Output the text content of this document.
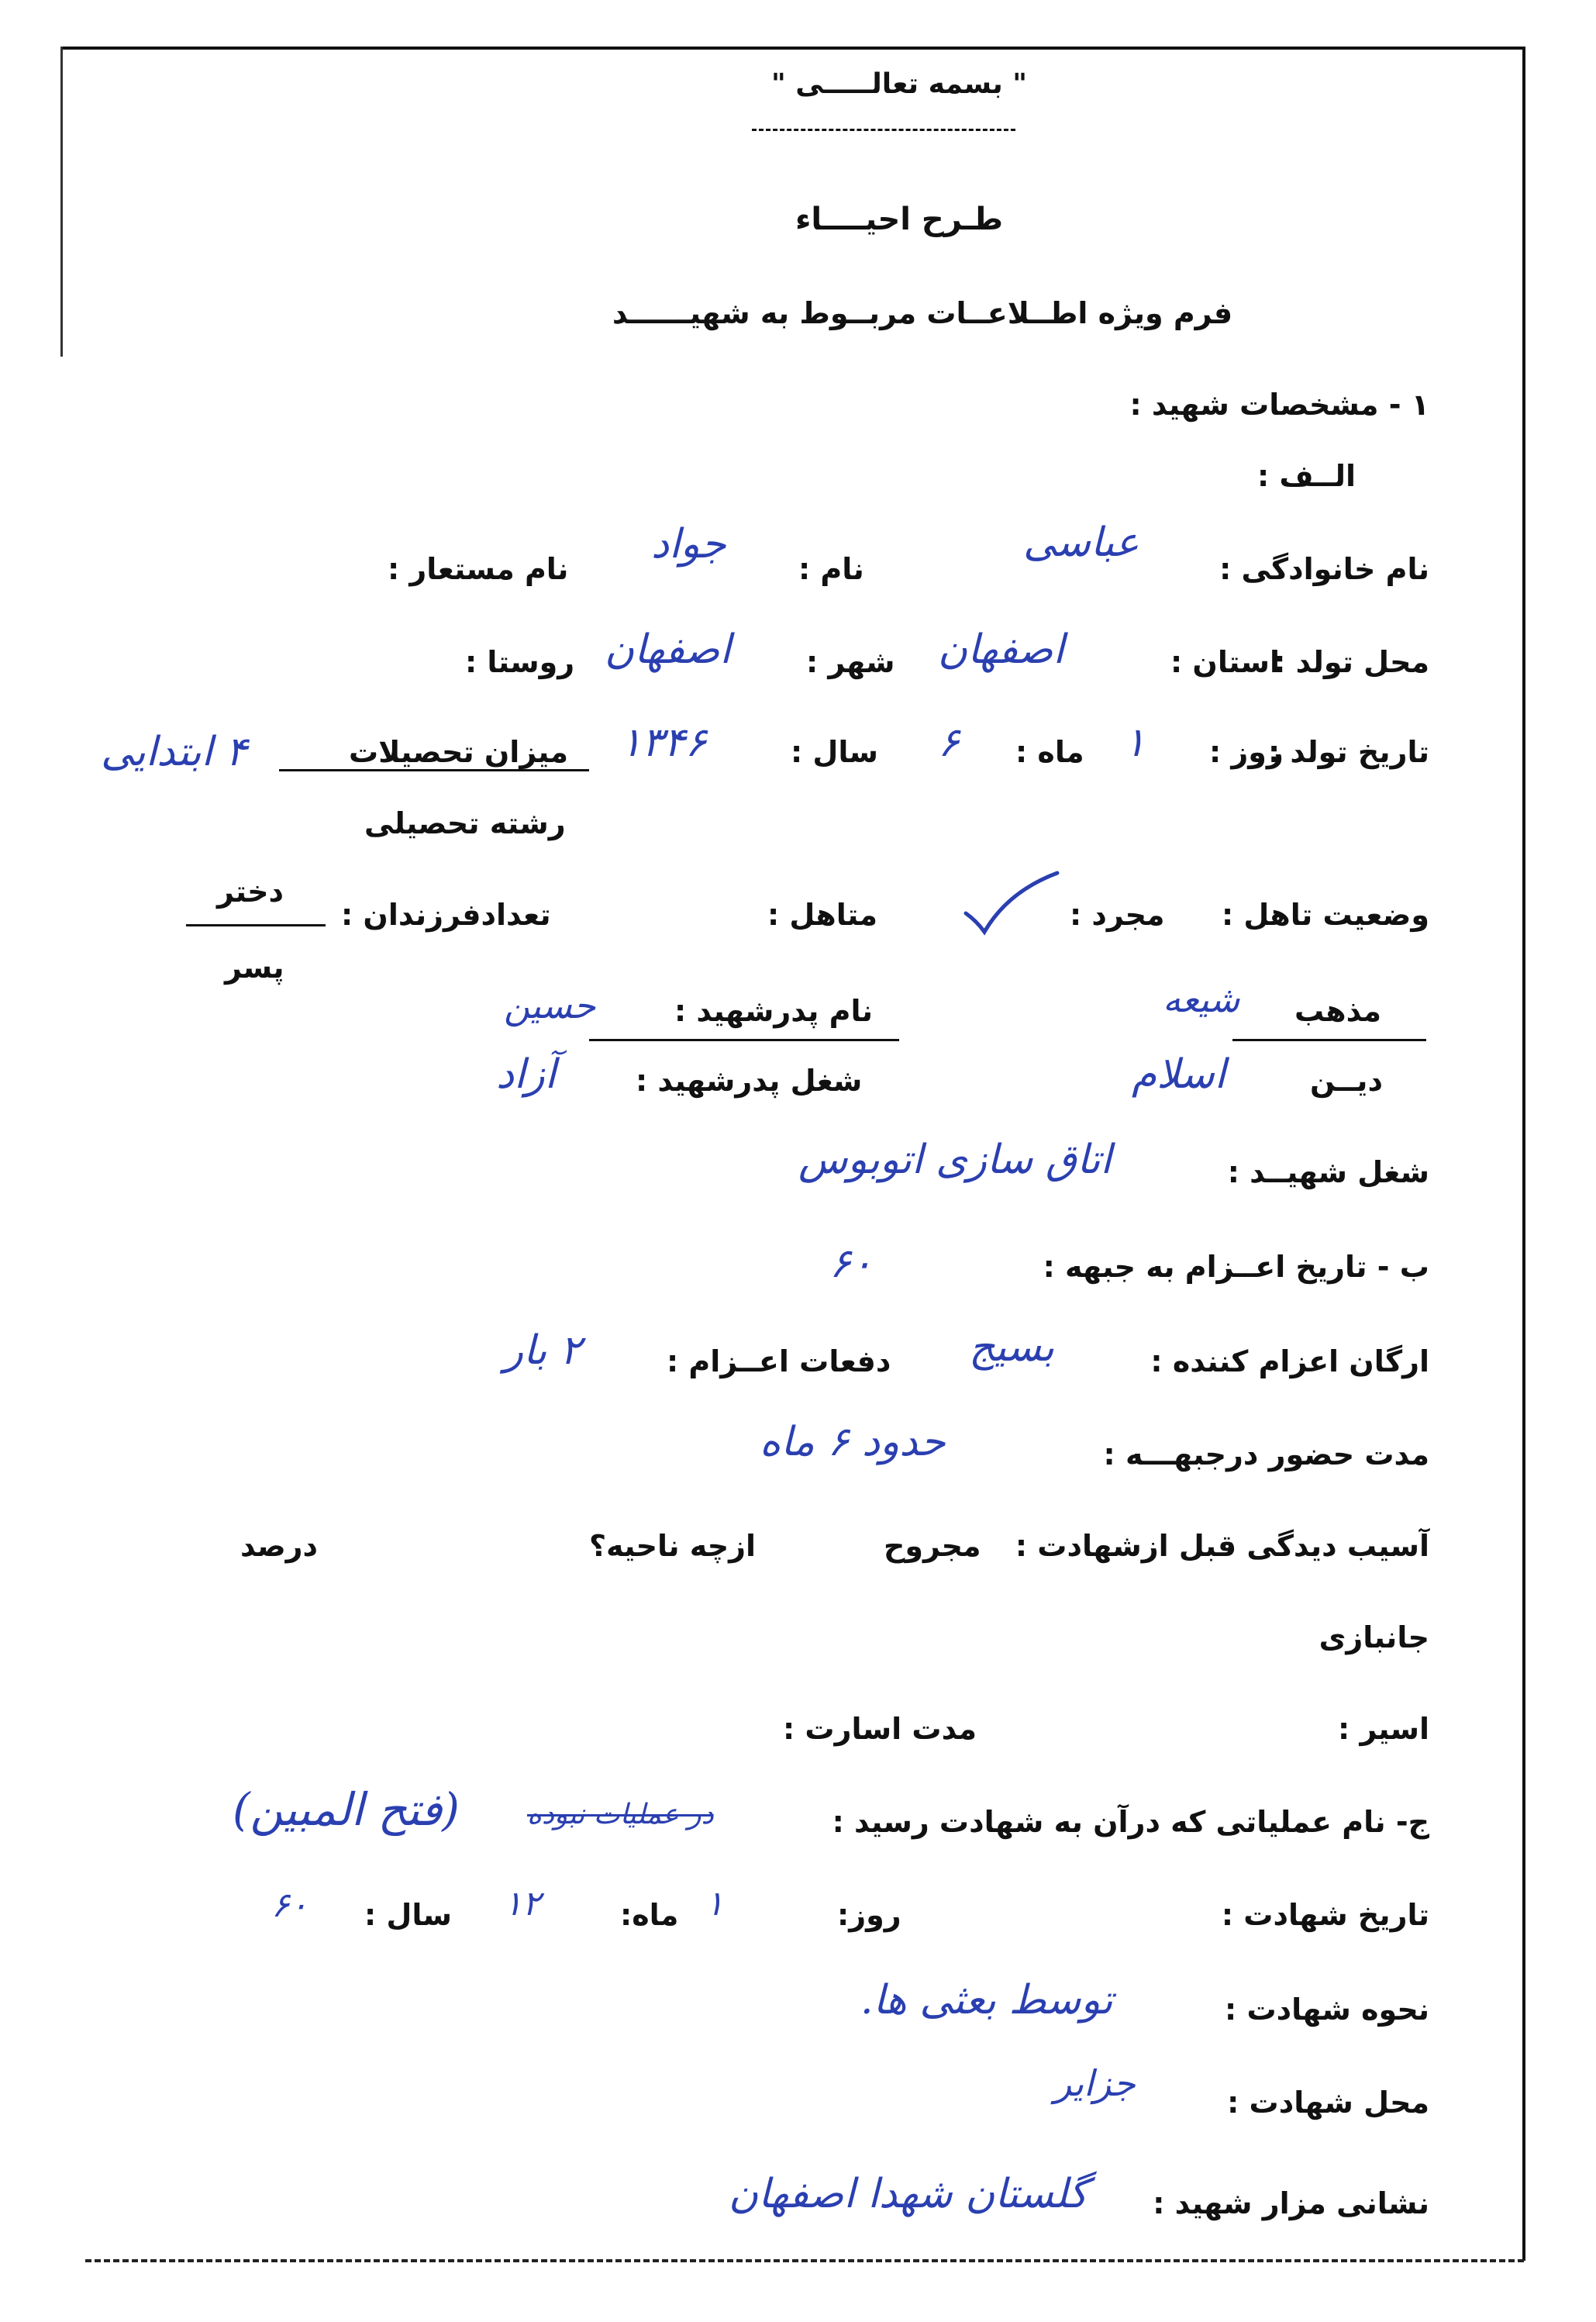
" بسمه تعالـــــى "
طـرح احيــــاء
فرم ويژه اطــلاعــات مربــوط به شهيــــــد
۱ - مشخصات شهيد :
الــف :
نام خانوادگى :
عباسی
نام :
جواد
نام مستعار :
محل تولد :
استان :
اصفهان
شهر :
اصفهان
روستا :
تاريخ تولد :
روز :
۱
ماه :
۶
سال :
۱۳۴۶
ميزان تحصيلات
۴ ابتدایی
رشته تحصيلى
وضعيت تاهل :
مجرد :
متاهل :
تعدادفرزندان :
دختر
پسر
مذهب
شیعه
نام پدرشهيد :
حسین
ديــن
اسلام
شغل پدرشهيد :
آزاد
شغل شهيــد :
اتاق سازی اتوبوس
ب - تاريخ اعــزام به جبهه :
۶۰
ارگان اعزام كننده :
بسیج
دفعات اعــزام :
۲ بار
مدت حضور درجبهـــه :
حدود ۶ ماه
آسيب ديدگى قبل ازشهادت :
مجروح
ازچه ناحيه؟
درصد
جانبازى
اسير :
مدت اسارت :
ج- نام عملياتى كه درآن به شهادت رسيد :
در عملیات نبوده
(فتح المبین)
تاريخ شهادت :
روز:
۱
ماه:
۱۲
سال :
۶۰
نحوه شهادت :
توسط بعثی ها.
محل شهادت :
جزایر
نشانى مزار شهيد :
گلستان شهدا اصفهان
